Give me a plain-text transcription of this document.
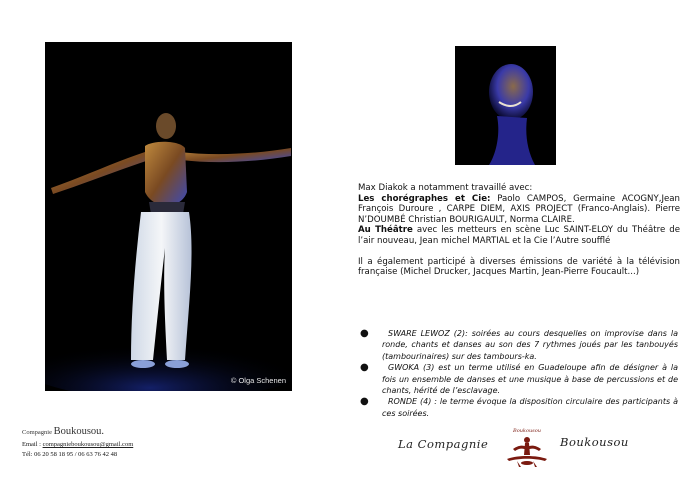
© Olga Schenen

Max Diakok a notamment travaillé avec:

Les chorégraphes et Cie: Paolo CAMPOS, Germaine ACOGNY,Jean François Duroure , CARPE DIEM, AXIS PROJECT (Franco-Anglais). Pierre N’DOUMBÉ Christian BOURIGAULT, Norma CLAIRE.

Au Théâtre avec les metteurs en scène Luc SAINT-ELOY du Théâtre de l’air nouveau, Jean michel MARTIAL et la Cie l’Autre soufflé

Il a également participé à diverses émissions de variété à la télévision française (Michel Drucker, Jacques Martin, Jean-Pierre Foucault...)

● SWARE LEWOZ (2): soirées au cours desquelles on improvise dans la ronde, chants et danses au son des 7 rythmes joués par les tanbouyés (tambourinaires) sur des tambours-ka.
● GWOKA (3) est un terme utilisé en Guadeloupe afin de désigner à la fois un ensemble de danses et une musique à base de percussions et de chants, hérité de l’esclavage.
● RONDE (4) : le terme évoque la disposition circulaire des participants à ces soirées.
Compagnie Boukousou.
Email : compagnieboukousou@gmail.com
Tél: 06 20 58 18 95 / 06 63 76 42 48
La Compagnie
Boukousou
Boukousou
